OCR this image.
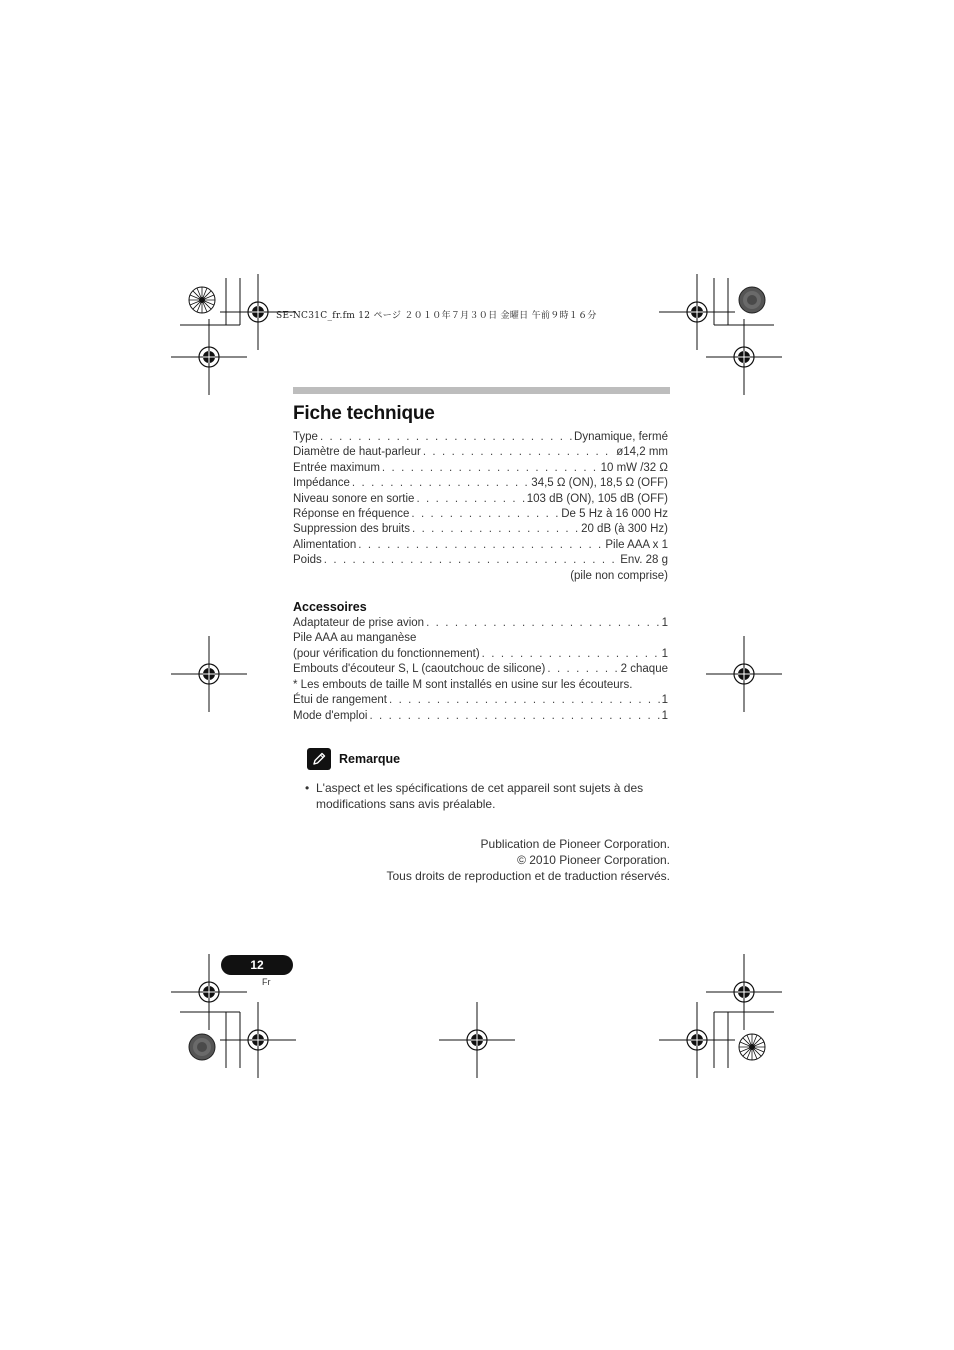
SE-NC31C_fr.fm 12 ページ ２０１０年７月３０日 金曜日 午前９時１６分
Fiche technique
Type . . .	Dynamique, fermé
Diamètre de haut-parleur . . .	ø14,2 mm
Entrée maximum . . .	10 mW /32 Ω
Impédance . . .	34,5 Ω (ON), 18,5 Ω (OFF)
Niveau sonore en sortie . . .	103 dB (ON), 105 dB (OFF)
Réponse en fréquence . . .	De 5 Hz à 16 000 Hz
Suppression des bruits . . .	20 dB (à 300 Hz)
Alimentation . . .	Pile AAA x 1
Poids . . .	Env. 28 g
(pile non comprise)
Accessoires
Adaptateur de prise avion . . .	1
Pile AAA au manganèse
(pour vérification du fonctionnement) . . .	1
Embouts d'écouteur S, L (caoutchouc de silicone) . . .	2 chaque
* Les embouts de taille M sont installés en usine sur les écouteurs.
Étui de rangement . . .	1
Mode d'emploi . . .	1
Remarque
• L'aspect et les spécifications de cet appareil sont sujets à des modifications sans avis préalable.
Publication de Pioneer Corporation.
© 2010 Pioneer Corporation.
Tous droits de reproduction et de traduction réservés.
12
Fr
